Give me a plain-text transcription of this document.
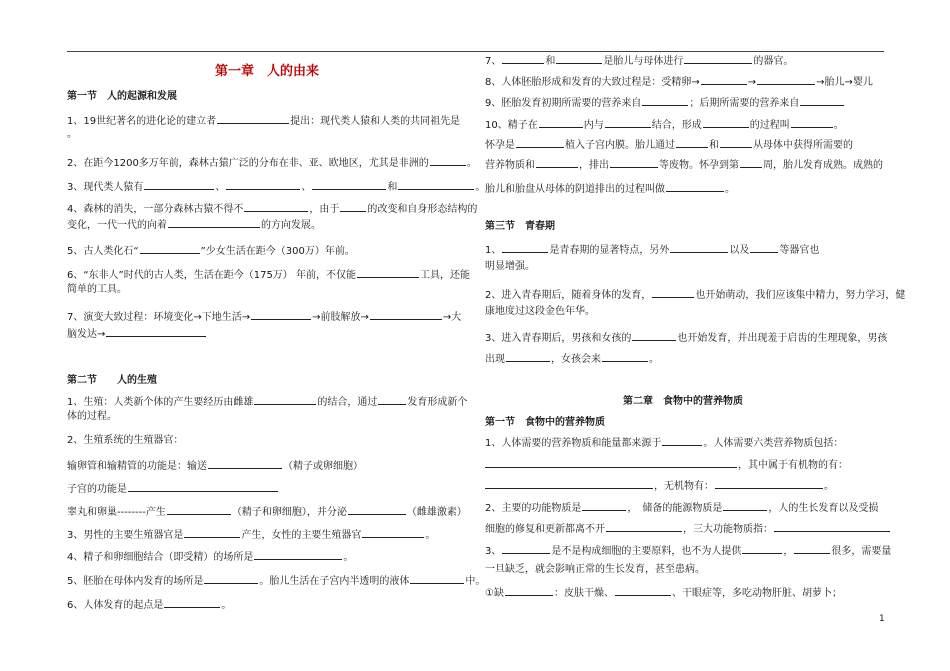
第一章　人的由来
第一节　人的起源和发展
1、19世纪著名的进化论的建立者	提出：现代类人猿和人类的共同祖先是
。
2、在距今1200多万年前，森林古猿广泛的分布在非、亚、欧地区，尤其是非洲的	。
3、现代类人猿有	、	、	和	。
4、森林的消失，一部分森林古猿不得不	，由于	的改变和自身形态结构的
变化，一代一代的向着	的方向发展。
5、古人类化石“	”少女生活在距今（300万）年前。
6、“东非人”时代的古人类，生活在距今（175万） 年前，不仅能	工具，还能
简单的工具。
7、演变大致过程：环境变化→下地生活→	→前肢解放→	→大
脑发达→
第二节　　人的生殖
1、生殖：人类新个体的产生要经历由雌雄	的结合，通过	发育形成新个
体的过程。
2、生殖系统的生殖器官：
输卵管和输精管的功能是：输送	（精子或卵细胞）
子宫的功能是
睾丸和卵巢--------产生	（精子和卵细胞），并分泌	（雌雄激素）
3、男性的主要生殖器官是	产生，女性的主要生殖器官	。
4、精子和卵细胞结合（即受精）的场所是	。
5、胚胎在母体内发育的场所是	。胎儿生活在子宫内半透明的液体	中。
6、人体发育的起点是	。
7、	和	是胎儿与母体进行	的器官。
8、人体胚胎形成和发育的大致过程是：受精卵→	→	→胎儿→婴儿
9、胚胎发育初期所需要的营养来自	；后期所需要的营养来自
10、精子在	内与	结合，形成	的过程叫	。
怀孕是	植入子宫内膜。胎儿通过	和	从母体中获得所需要的
营养物质和	，排出	等废物。怀孕到第 周，胎儿发育成熟。成熟的
胎儿和胎盘从母体的阴道排出的过程叫做	。
第三节　青春期
1、	是青春期的显著特点，另外	以及	等器官也
明显增强。
2、进入青春期后，随着身体的发育，	也开始萌动，我们应该集中精力，努力学习，健
康地度过这段金色年华。
3、进入青春期后，男孩和女孩的	也开始发育，并出现羞于启齿的生理现象，男孩
出现	，女孩会来	。
第二章　食物中的营养物质
第一节　食物中的营养物质
1、人体需要的营养物质和能量都来源于	。人体需要六类营养物质包括：
，其中属于有机物的有：
，无机物有：	。
2、主要的功能物质是	，　储备的能源物质是	，人的生长发育以及受损
细胞的修复和更新都离不开	，三大功能物质指：
3、	是不是构成细胞的主要原料，也不为人提供	，	很多，需要量
一旦缺乏，就会影响正常的生长发育，甚至患病。
①缺	：皮肤干燥、	、干眼症等，多吃动物肝脏、胡萝卜；
1
